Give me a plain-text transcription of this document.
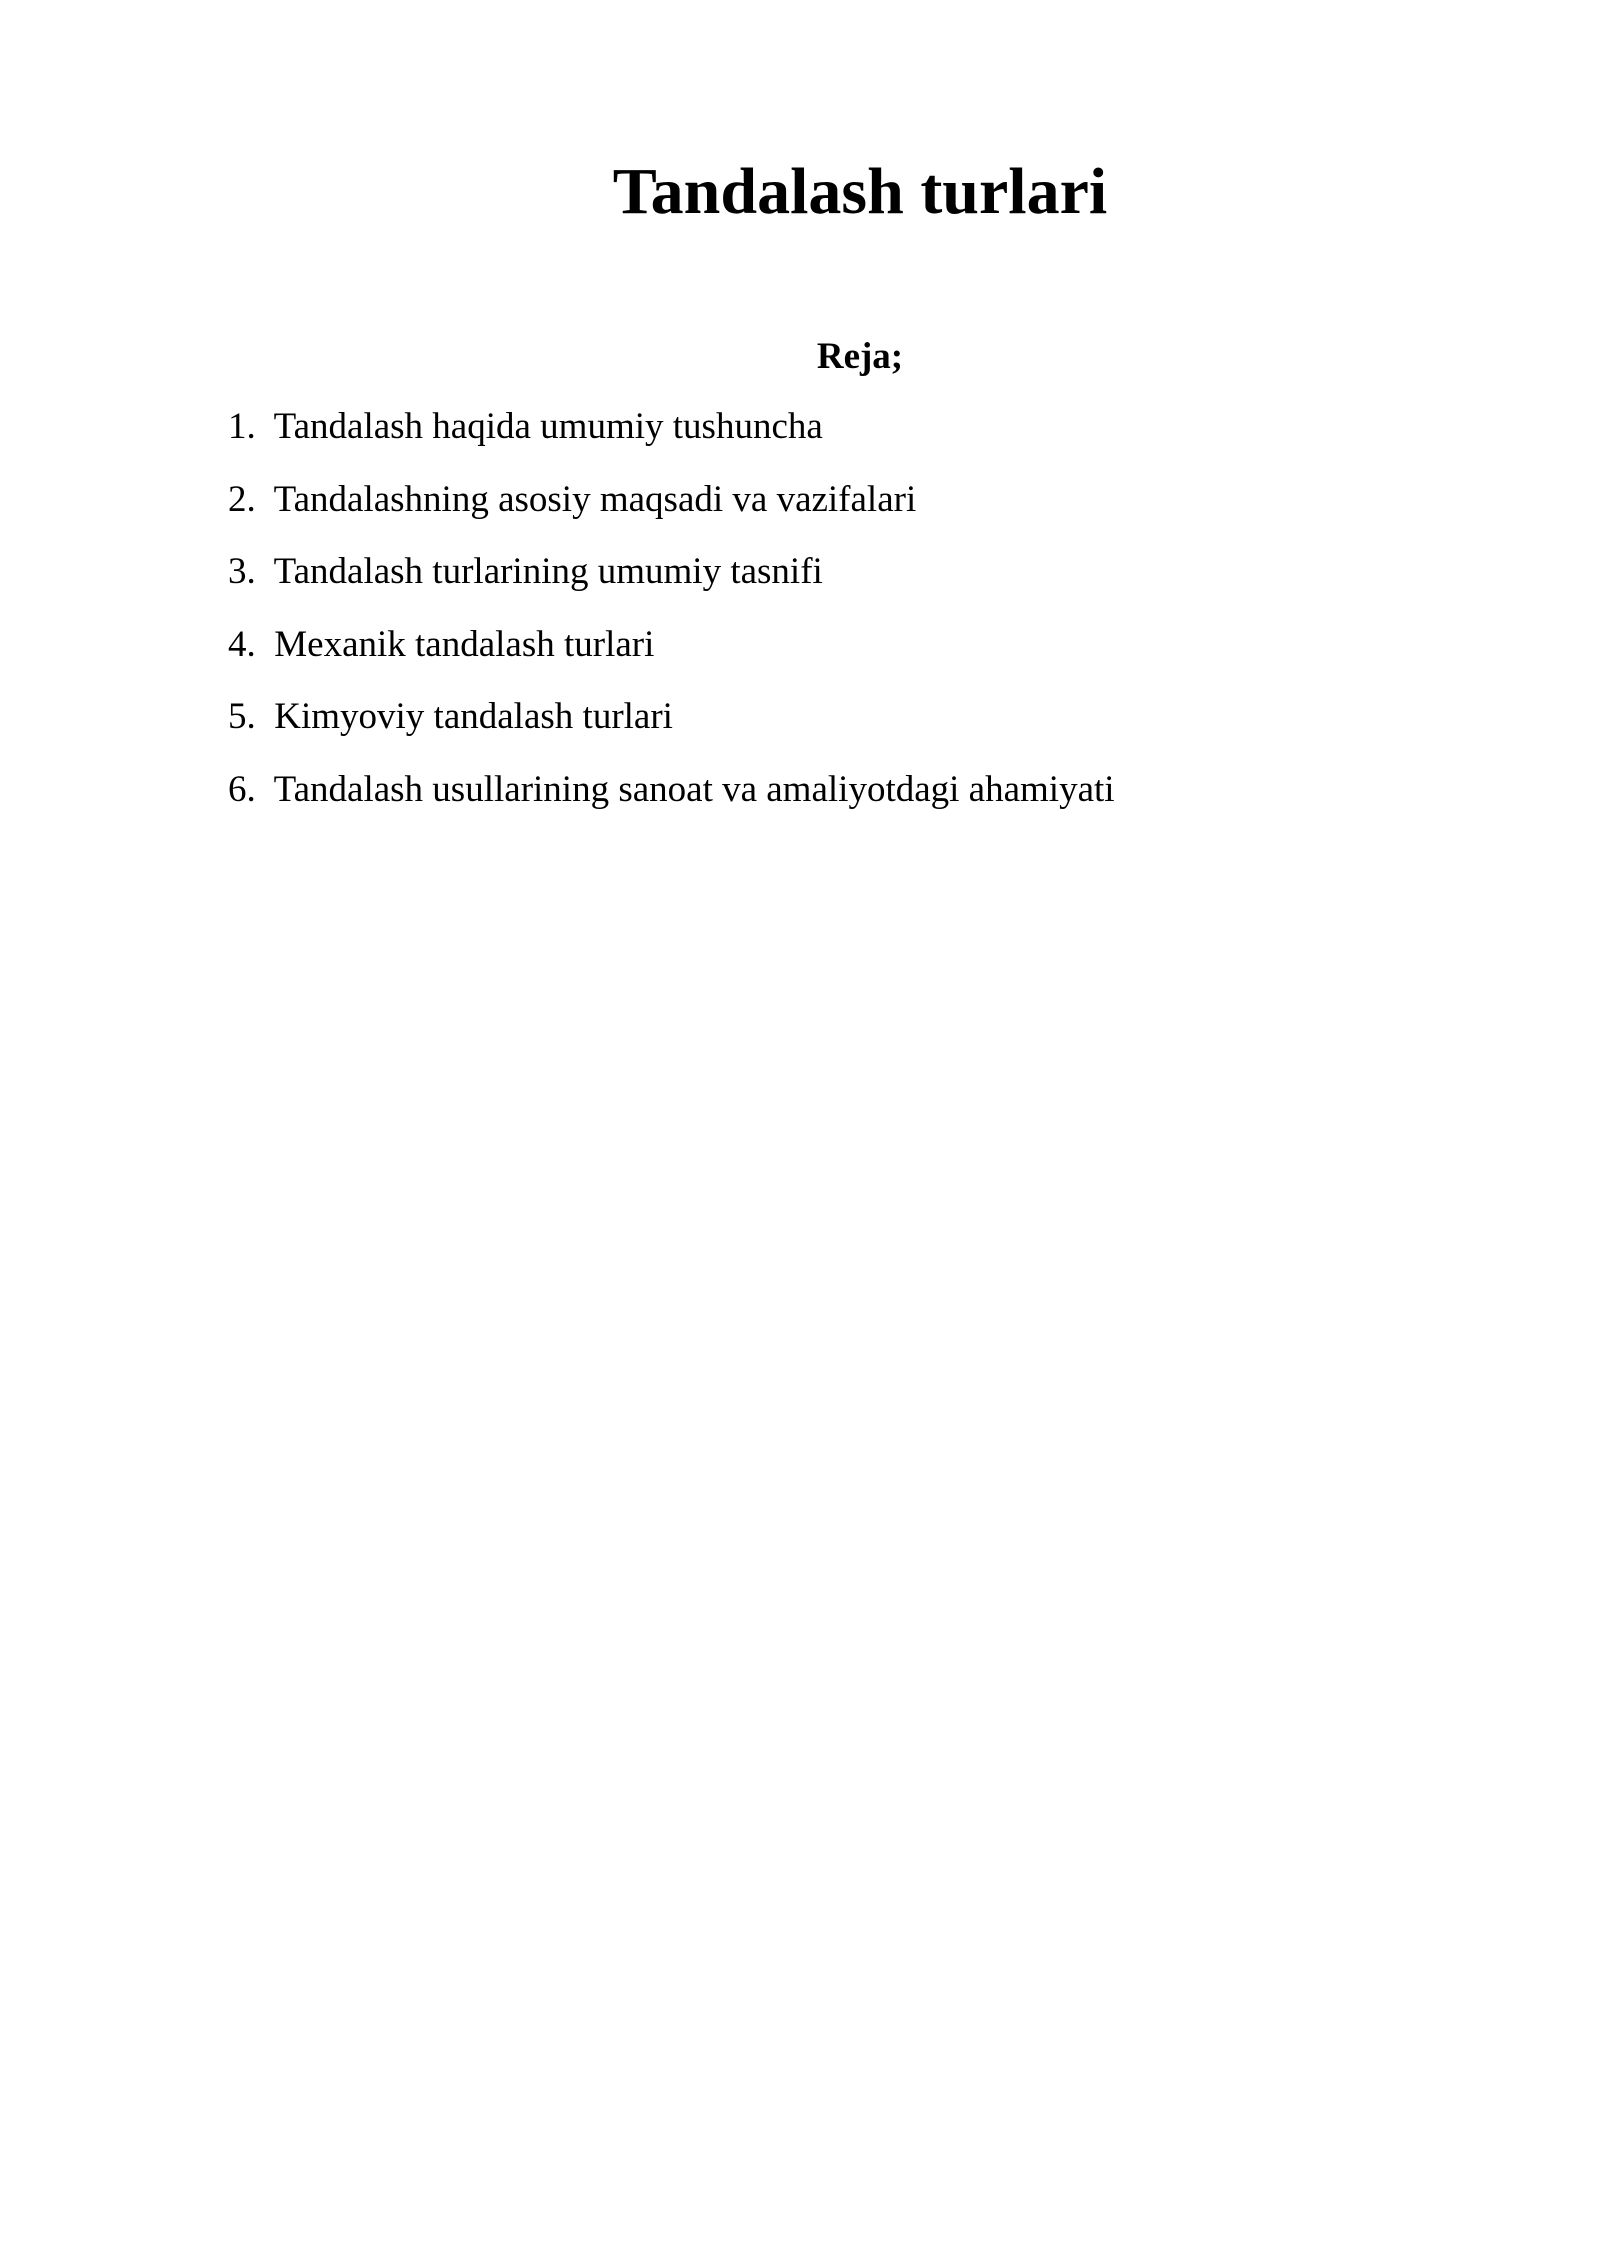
Tandalash turlari
Reja;
1.  Tandalash haqida umumiy tushuncha
2.  Tandalashning asosiy maqsadi va vazifalari
3.  Tandalash turlarining umumiy tasnifi
4.  Mexanik tandalash turlari
5.  Kimyoviy tandalash turlari
6.  Tandalash usullarining sanoat va amaliyotdagi ahamiyati
